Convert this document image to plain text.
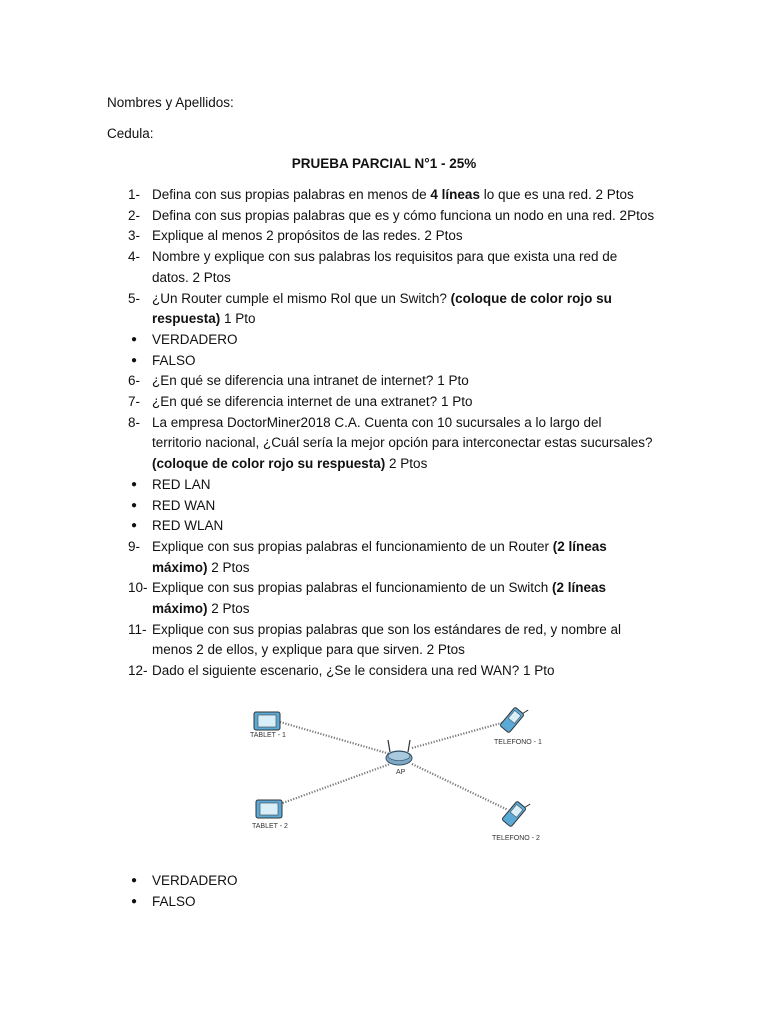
Nombres y Apellidos:
Cedula:
PRUEBA PARCIAL N°1 - 25%
1- Defina con sus propias palabras en menos de 4 líneas lo que es una red. 2 Ptos
2- Defina con sus propias palabras que es y cómo funciona un nodo en una red. 2Ptos
3- Explique al menos 2 propósitos de las redes. 2 Ptos
4- Nombre y explique con sus palabras los requisitos para que exista una red de
datos. 2 Ptos
5- ¿Un Router cumple el mismo Rol que un Switch? (coloque de color rojo su
respuesta) 1 Pto
● VERDADERO
● FALSO
6- ¿En qué se diferencia una intranet de internet? 1 Pto
7- ¿En qué se diferencia internet de una extranet? 1 Pto
8- La empresa DoctorMiner2018 C.A. Cuenta con 10 sucursales a lo largo del
territorio nacional, ¿Cuál sería la mejor opción para interconectar estas sucursales?
(coloque de color rojo su respuesta) 2 Ptos
● RED LAN
● RED WAN
● RED WLAN
9- Explique con sus propias palabras el funcionamiento de un Router (2 líneas
máximo) 2 Ptos
10- Explique con sus propias palabras el funcionamiento de un Switch (2 líneas
máximo) 2 Ptos
11- Explique con sus propias palabras que son los estándares de red, y nombre al
menos 2 de ellos, y explique para que sirven. 2 Ptos
12- Dado el siguiente escenario, ¿Se le considera una red WAN? 1 Pto
TABLET - 1
TABLET - 2
AP
TELEFONO - 1
TELEFONO - 2
● VERDADERO
● FALSO
